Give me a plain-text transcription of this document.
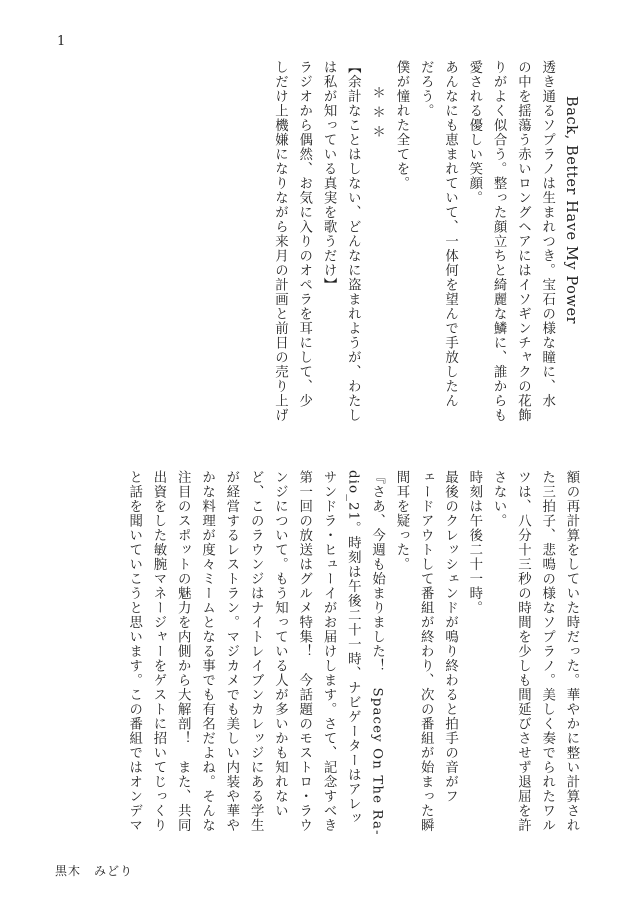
1

Back, Better Have My Power

透き通るソプラノは生まれつき。宝石の様な瞳に、水

の中を揺蕩う赤いロングヘアにはイソギンチャクの花飾

りがよく似合う。整った顔立ちと綺麗な鱗に、誰からも

愛される優しい笑顔。

あんなにも恵まれていて、一体何を望んで手放したん

だろう。

僕が憧れた全てを。

＊＊＊

【余計なことはしない、どんなに盗まれようが、わたし

は私が知っている真実を歌うだけ】

ラジオから偶然、お気に入りのオペラを耳にして、少

しだけ上機嫌になりながら来月の計画と前日の売り上げ

額の再計算をしていた時だった。華やかに整い計算され

た三拍子、悲鳴の様なソプラノ。美しく奏でられたワル

ツは、八分十三秒の時間を少しも間延びさせず退屈を許

さない。

時刻は午後二十一時。

最後のクレッシェンドが鳴り終わると拍手の音がフ

ェードアウトして番組が終わり、次の番組が始まった瞬

間耳を疑った。

『さあ、今週も始まりました！　Spacey On The Ra-

dio_21。時刻は午後二十一時、ナビゲーターはアレッ

サンドラ・ヒューイがお届けします。さて、記念すべき

第一回の放送はグルメ特集！　今話題のモストロ・ラウ

ンジについて。もう知っている人が多いかも知れない

ど、このラウンジはナイトレイブンカレッジにある学生

が経営するレストラン。マジカメでも美しい内装や華や

かな料理が度々ミームとなる事でも有名だよね。そんな

注目のスポットの魅力を内側から大解剖！　また、共同

出資をした敏腕マネージャーをゲストに招いてじっくり

と話を聞いていこうと思います。この番組ではオンデマ

黒木　みどり
